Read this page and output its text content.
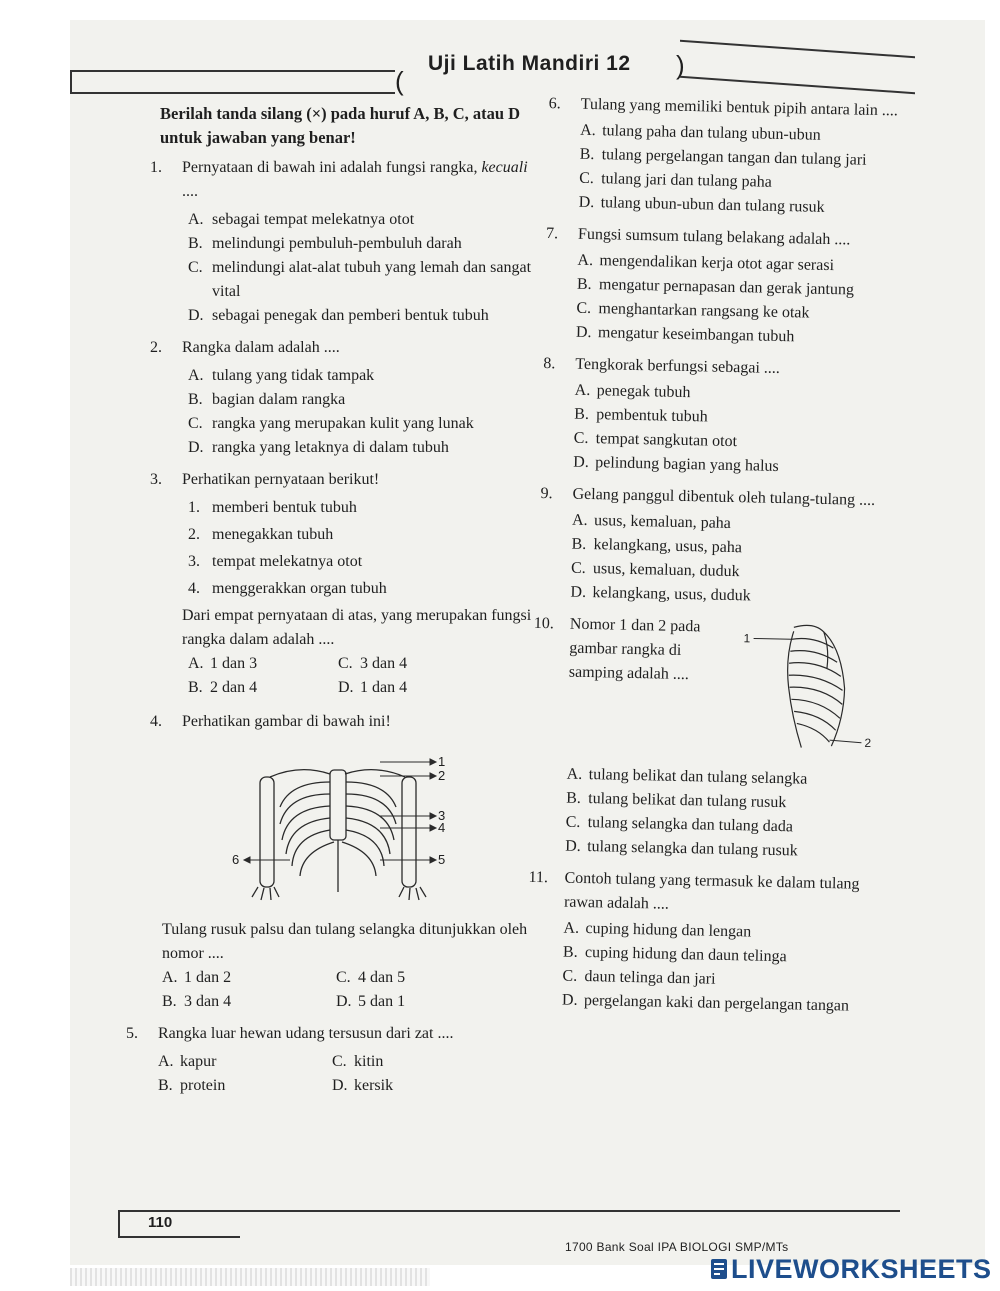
(
Uji Latih Mandiri 12 )
Berilah tanda silang (×) pada huruf A, B, C, atau D untuk jawaban yang benar!
1. Pernyataan di bawah ini adalah fungsi rangka, kecuali ....
A. sebagai tempat melekatnya otot
B. melindungi pembuluh-pembuluh darah
C. melindungi alat-alat tubuh yang lemah dan sangat vital
D. sebagai penegak dan pemberi bentuk tubuh
2. Rangka dalam adalah ....
A. tulang yang tidak tampak
B. bagian dalam rangka
C. rangka yang merupakan kulit yang lunak
D. rangka yang letaknya di dalam tubuh
3. Perhatikan pernyataan berikut!
1. memberi bentuk tubuh
2. menegakkan tubuh
3. tempat melekatnya otot
4. menggerakkan organ tubuh
Dari empat pernyataan di atas, yang merupakan fungsi rangka dalam adalah ....
A. 1 dan 3	C. 3 dan 4
B. 2 dan 4	D. 1 dan 4
4. Perhatikan gambar di bawah ini!
1
2
3
4
5
6
Tulang rusuk palsu dan tulang selangka ditunjukkan oleh nomor ....
A. 1 dan 2	C. 4 dan 5
B. 3 dan 4	D. 5 dan 1
5. Rangka luar hewan udang tersusun dari zat ....
A. kapur	C. kitin
B. protein	D. kersik
6. Tulang yang memiliki bentuk pipih antara lain ....
A. tulang paha dan tulang ubun-ubun
B. tulang pergelangan tangan dan tulang jari
C. tulang jari dan tulang paha
D. tulang ubun-ubun dan tulang rusuk
7. Fungsi sumsum tulang belakang adalah ....
A. mengendalikan kerja otot agar serasi
B. mengatur pernapasan dan gerak jantung
C. menghantarkan rangsang ke otak
D. mengatur keseimbangan tubuh
8. Tengkorak berfungsi sebagai ....
A. penegak tubuh
B. pembentuk tubuh
C. tempat sangkutan otot
D. pelindung bagian yang halus
9. Gelang panggul dibentuk oleh tulang-tulang ....
A. usus, kemaluan, paha
B. kelangkang, usus, paha
C. usus, kemaluan, duduk
D. kelangkang, usus, duduk
10. Nomor 1 dan 2 pada gambar rangka di samping adalah ....
1
2
A. tulang belikat dan tulang selangka
B. tulang belikat dan tulang rusuk
C. tulang selangka dan tulang dada
D. tulang selangka dan tulang rusuk
11. Contoh tulang yang termasuk ke dalam tulang rawan adalah ....
A. cuping hidung dan lengan
B. cuping hidung dan daun telinga
C. daun telinga dan jari
D. pergelangan kaki dan pergelangan tangan
110
1700 Bank Soal IPA BIOLOGI SMP/MTs
LIVEWORKSHEETS
